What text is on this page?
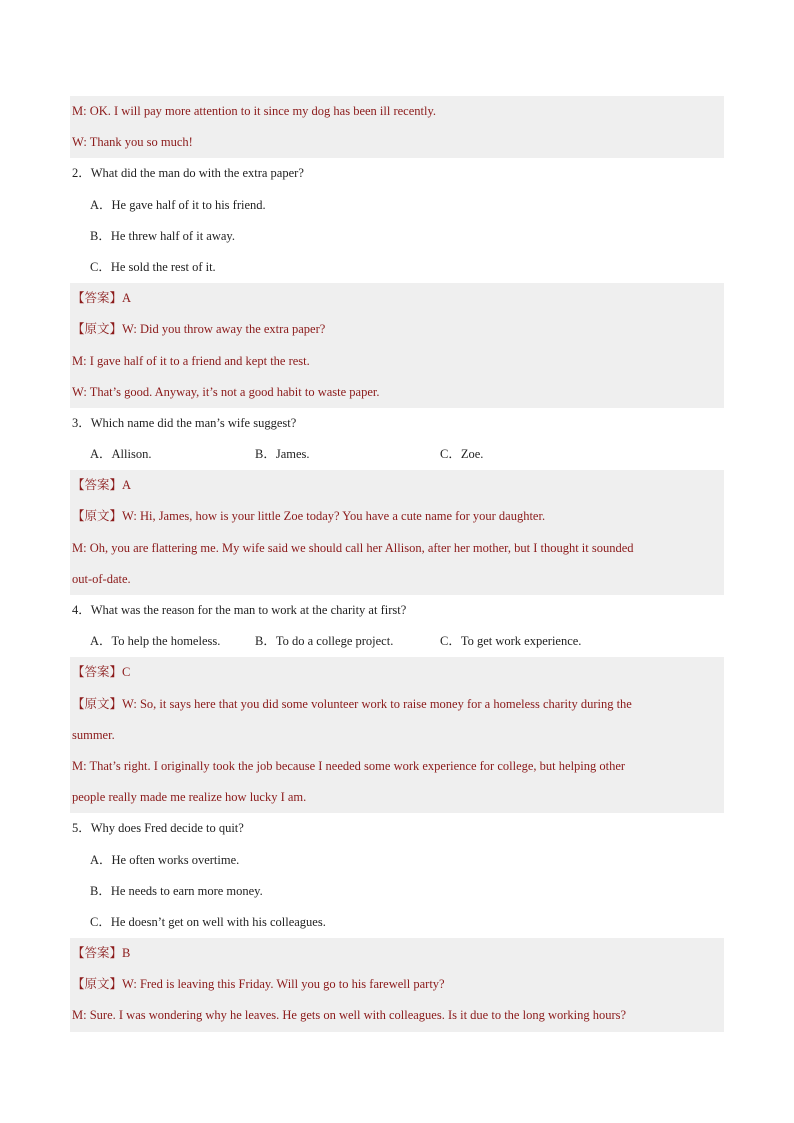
M: OK. I will pay more attention to it since my dog has been ill recently.
W: Thank you so much!
2．What did the man do with the extra paper?
A．He gave half of it to his friend.
B．He threw half of it away.
C．He sold the rest of it.
【答案】A
【原文】W: Did you throw away the extra paper?
M: I gave half of it to a friend and kept the rest.
W: That’s good. Anyway, it’s not a good habit to waste paper.
3．Which name did the man’s wife suggest?
A．Allison.	B．James.	C．Zoe.
【答案】A
【原文】W: Hi, James, how is your little Zoe today? You have a cute name for your daughter.
M: Oh, you are flattering me. My wife said we should call her Allison, after her mother, but I thought it sounded
out-of-date.
4．What was the reason for the man to work at the charity at first?
A．To help the homeless.	B．To do a college project.	C．To get work experience.
【答案】C
【原文】W: So, it says here that you did some volunteer work to raise money for a homeless charity during the
summer.
M: That’s right. I originally took the job because I needed some work experience for college, but helping other
people really made me realize how lucky I am.
5．Why does Fred decide to quit?
A．He often works overtime.
B．He needs to earn more money.
C．He doesn’t get on well with his colleagues.
【答案】B
【原文】W: Fred is leaving this Friday. Will you go to his farewell party?
M: Sure. I was wondering why he leaves. He gets on well with colleagues. Is it due to the long working hours?
